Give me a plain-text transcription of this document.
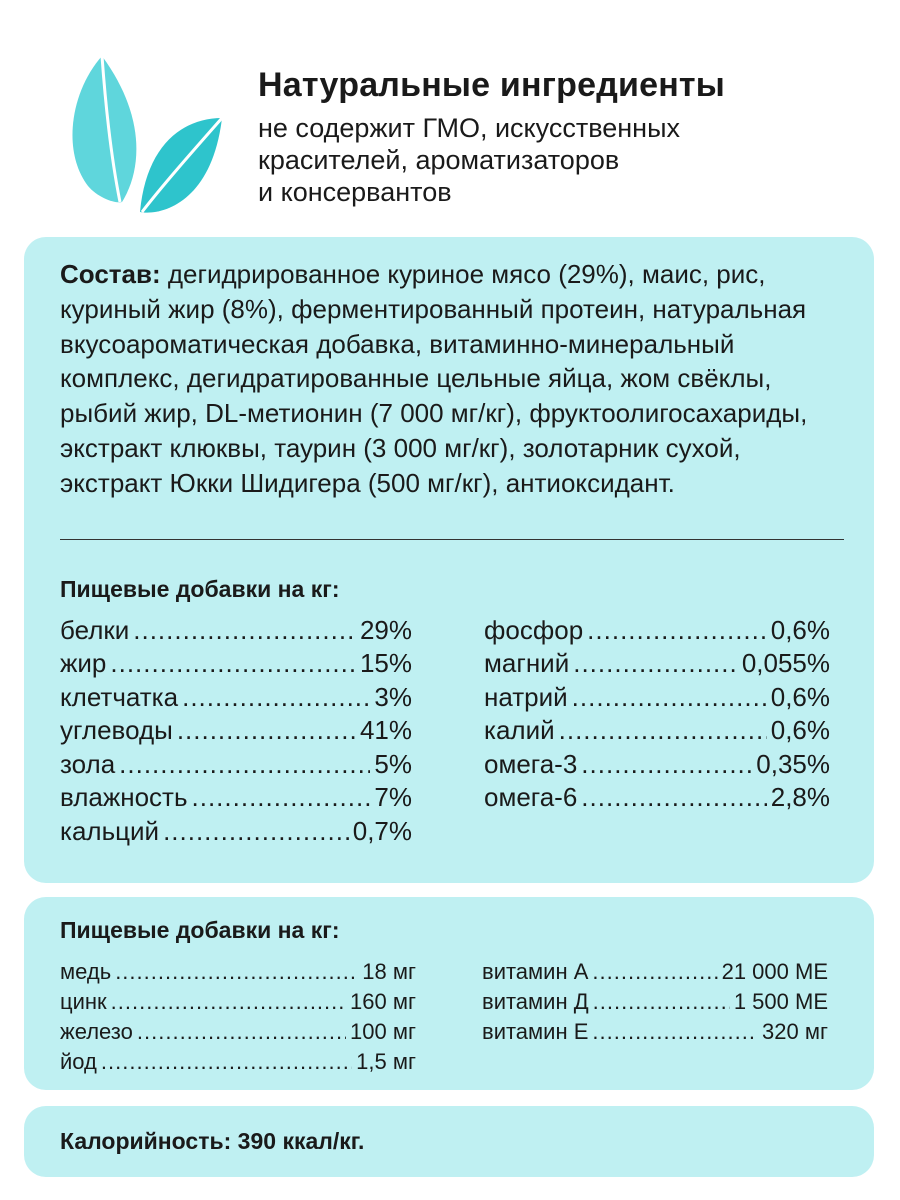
Натуральные ингредиенты
не содержит ГМО, искусственных
красителей, ароматизаторов
и консервантов

Состав: дегидрированное куриное мясо (29%), маис, рис, куриный жир (8%), ферментированный протеин, натуральная вкусоароматическая добавка, витаминно-минеральный комплекс, дегидратированные цельные яйца, жом свёклы, рыбий жир, DL-метионин (7 000 мг/кг), фруктоолигосахариды, экстракт клюквы, таурин (3 000 мг/кг), золотарник сухой, экстракт Юкки Шидигера (500 мг/кг), антиоксидант.

Пищевые добавки на кг:
белки .....	29%
жир .....	15%
клетчатка .....	3%
углеводы .....	41%
зола .....	5%
влажность .....	7%
кальций .....	0,7%
фосфор .....	0,6%
магний .....	0,055%
натрий .....	0,6%
калий .....	0,6%
омега-3 .....	0,35%
омега-6 .....	2,8%
Пищевые добавки на кг:
медь .....	18 мг
цинк .....	160 мг
железо .....	100 мг
йод .....	1,5 мг
витамин А .....	21 000 МЕ
витамин Д .....	1 500 МЕ
витамин Е .....	320 мг

Калорийность: 390 ккал/кг.
